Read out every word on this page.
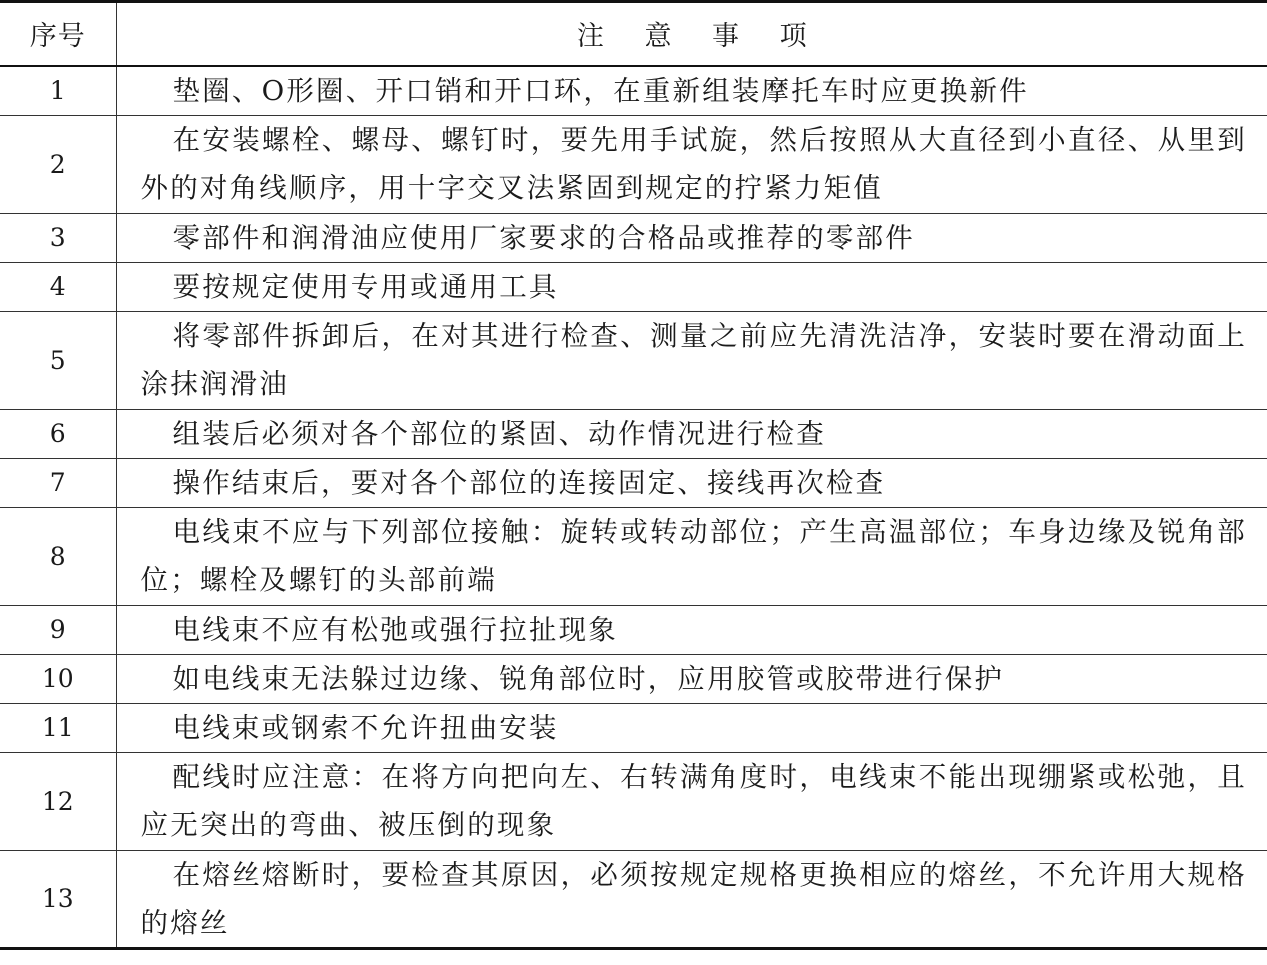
序号	注 意 事 项
1	垫圈、O形圈、开口销和开口环，在重新组装摩托车时应更换新件
2	在安装螺栓、螺母、螺钉时，要先用手试旋，然后按照从大直径到小直径、从里到外的对角线顺序，用十字交叉法紧固到规定的拧紧力矩值
3	零部件和润滑油应使用厂家要求的合格品或推荐的零部件
4	要按规定使用专用或通用工具
5	将零部件拆卸后，在对其进行检查、测量之前应先清洗洁净，安装时要在滑动面上涂抹润滑油
6	组装后必须对各个部位的紧固、动作情况进行检查
7	操作结束后，要对各个部位的连接固定、接线再次检查
8	电线束不应与下列部位接触：旋转或转动部位；产生高温部位；车身边缘及锐角部位；螺栓及螺钉的头部前端
9	电线束不应有松弛或强行拉扯现象
10	如电线束无法躲过边缘、锐角部位时，应用胶管或胶带进行保护
11	电线束或钢索不允许扭曲安装
12	配线时应注意：在将方向把向左、右转满角度时，电线束不能出现绷紧或松弛，且应无突出的弯曲、被压倒的现象
13	在熔丝熔断时，要检查其原因，必须按规定规格更换相应的熔丝，不允许用大规格的熔丝
